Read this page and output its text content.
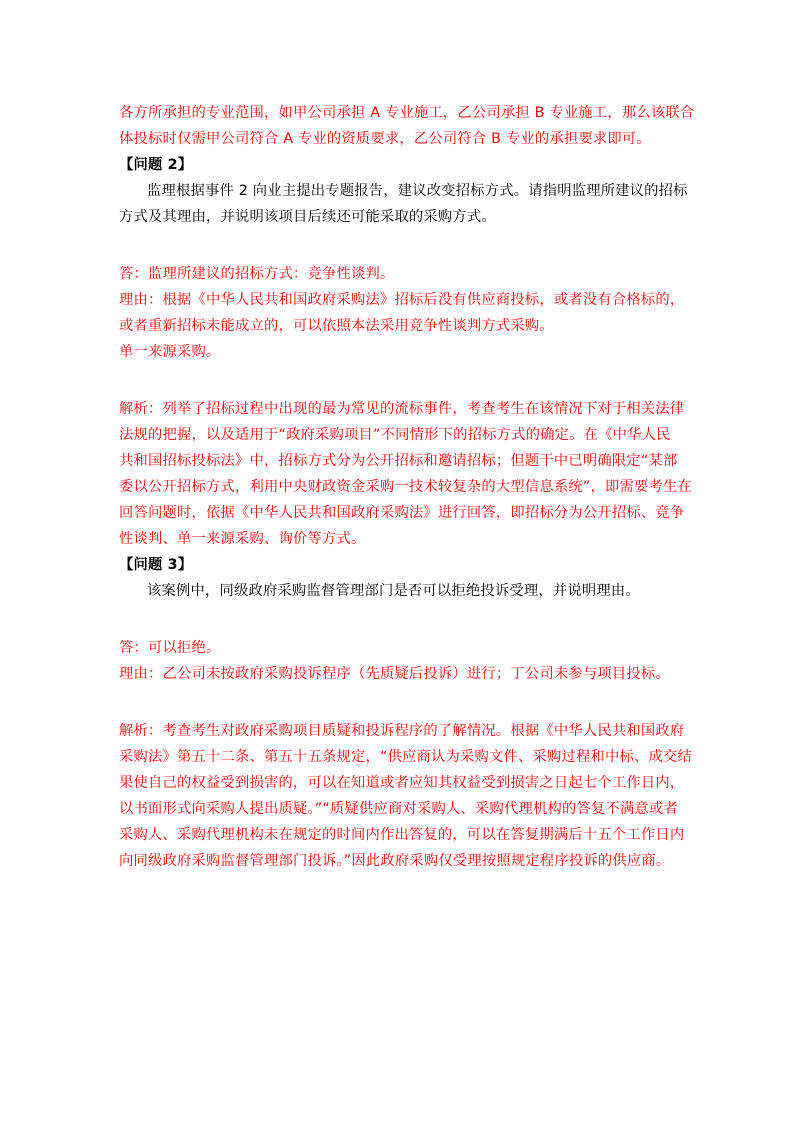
各方所承担的专业范围，如甲公司承担 A 专业施工，乙公司承担 B 专业施工，那么该联合
体投标时仅需甲公司符合 A 专业的资质要求，乙公司符合 B 专业的承担要求即可。
【问题 2】
监理根据事件 2 向业主提出专题报告，建议改变招标方式。请指明监理所建议的招标
方式及其理由，并说明该项目后续还可能采取的采购方式。
答：监理所建议的招标方式：竞争性谈判。
理由：根据《中华人民共和国政府采购法》招标后没有供应商投标，或者没有合格标的，
或者重新招标未能成立的，可以依照本法采用竞争性谈判方式采购。
单一来源采购。
解析：列举了招标过程中出现的最为常见的流标事件，考查考生在该情况下对于相关法律
法规的把握，以及适用于“政府采购项目”不同情形下的招标方式的确定。在《中华人民
共和国招标投标法》中，招标方式分为公开招标和邀请招标；但题干中已明确限定“某部
委以公开招标方式，利用中央财政资金采购一技术较复杂的大型信息系统”，即需要考生在
回答问题时，依据《中华人民共和国政府采购法》进行回答，即招标分为公开招标、竞争
性谈判、单一来源采购、询价等方式。
【问题 3】
该案例中，同级政府采购监督管理部门是否可以拒绝投诉受理，并说明理由。
答：可以拒绝。
理由：乙公司未按政府采购投诉程序（先质疑后投诉）进行；丁公司未参与项目投标。
解析：考查考生对政府采购项目质疑和投诉程序的了解情况。根据《中华人民共和国政府
采购法》第五十二条、第五十五条规定，“供应商认为采购文件、采购过程和中标、成交结
果使自己的权益受到损害的，可以在知道或者应知其权益受到损害之日起七个工作日内，
以书面形式向采购人提出质疑。”“质疑供应商对采购人、采购代理机构的答复不满意或者
采购人、采购代理机构未在规定的时间内作出答复的，可以在答复期满后十五个工作日内
向同级政府采购监督管理部门投诉。”因此政府采购仅受理按照规定程序投诉的供应商。
